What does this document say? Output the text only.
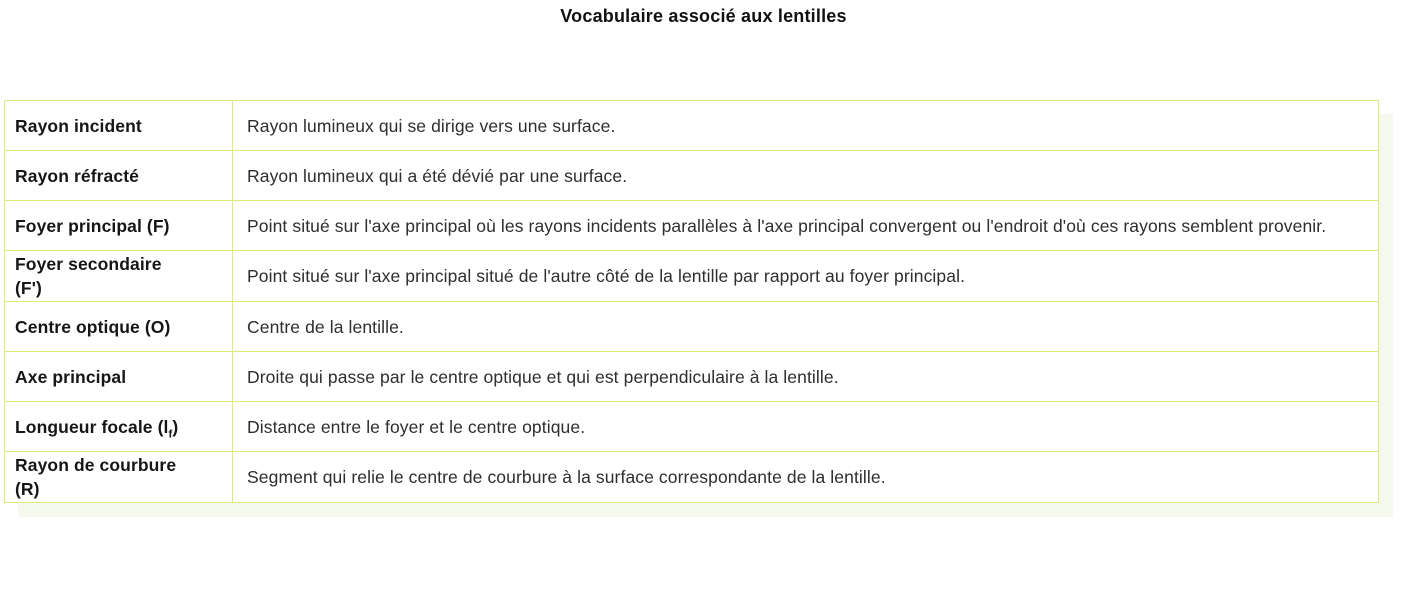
Vocabulaire associé aux lentilles
Rayon incident	Rayon lumineux qui se dirige vers une surface.
Rayon réfracté	Rayon lumineux qui a été dévié par une surface.
Foyer principal (F)	Point situé sur l'axe principal où les rayons incidents parallèles à l'axe principal convergent ou l'endroit d'où ces rayons semblent provenir.
Foyer secondaire (F')	Point situé sur l'axe principal situé de l'autre côté de la lentille par rapport au foyer principal.
Centre optique (O)	Centre de la lentille.
Axe principal	Droite qui passe par le centre optique et qui est perpendiculaire à la lentille.
Longueur focale $(l_f)$	Distance entre le foyer et le centre optique.
Rayon de courbure (R)	Segment qui relie le centre de courbure à la surface correspondante de la lentille.
